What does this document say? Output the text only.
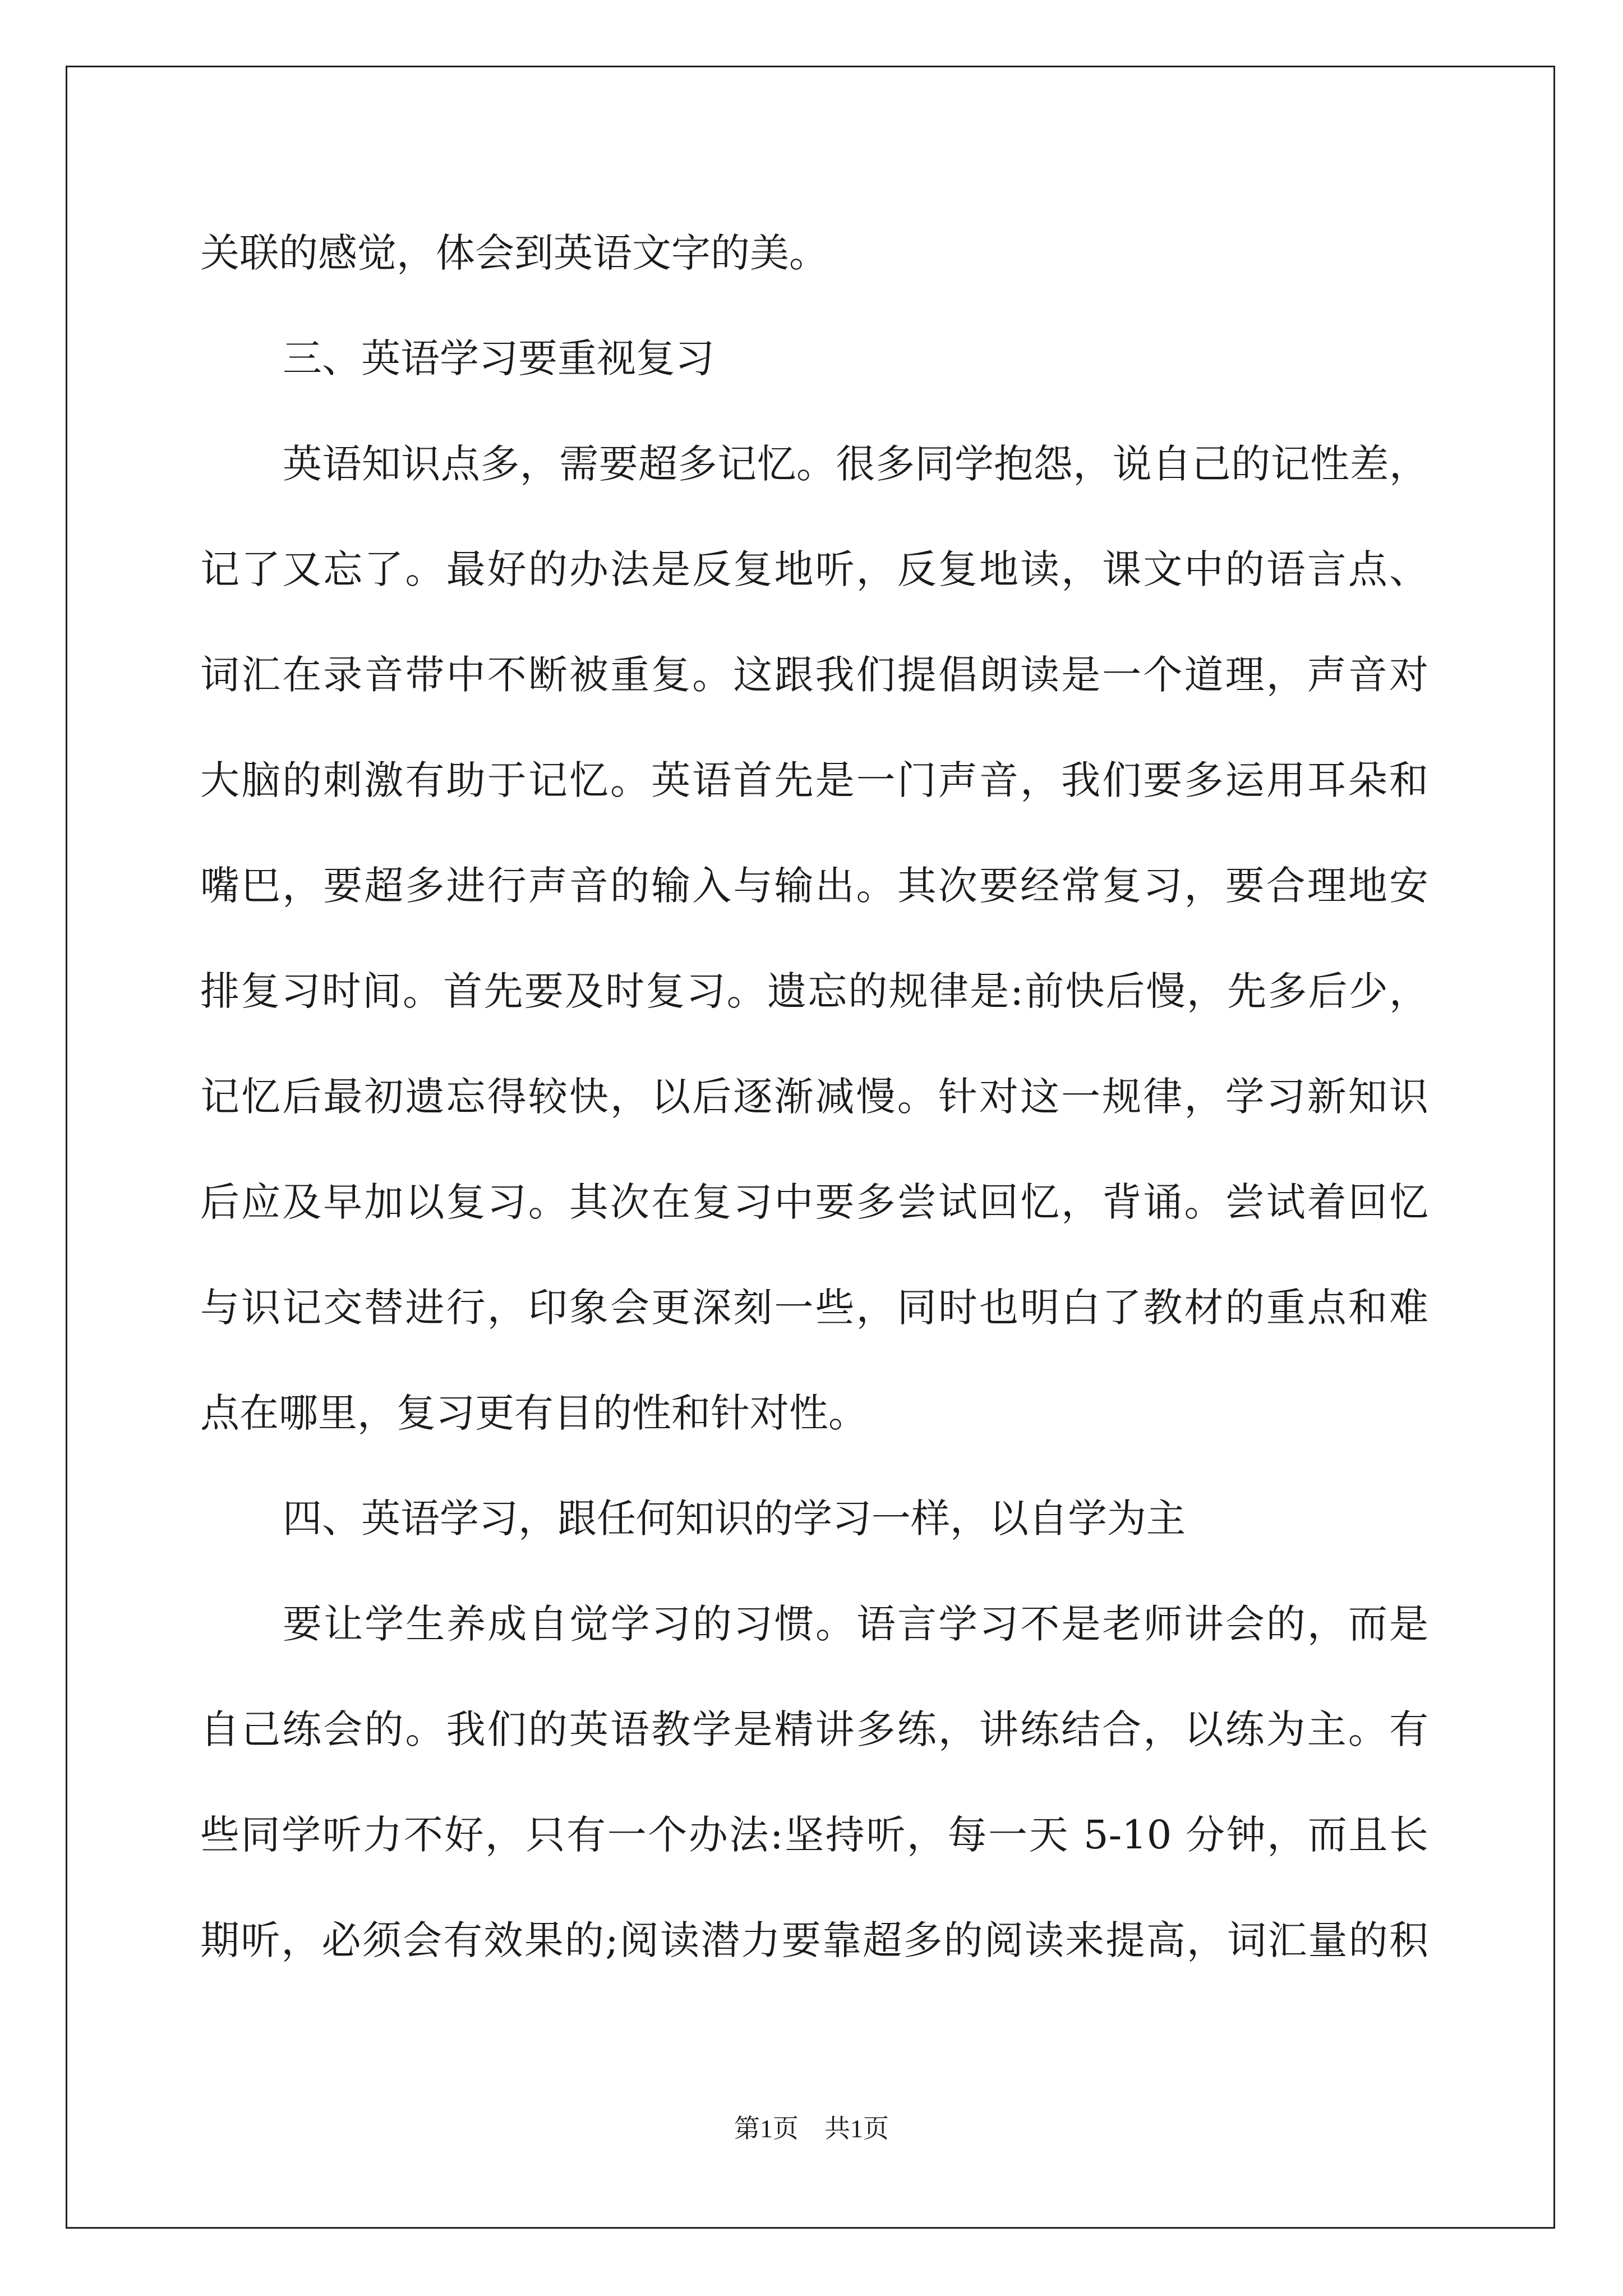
关联的感觉，体会到英语文字的美。
三、英语学习要重视复习
英语知识点多，需要超多记忆。很多同学抱怨，说自己的记性差，
记了又忘了。最好的办法是反复地听，反复地读，课文中的语言点、
词汇在录音带中不断被重复。这跟我们提倡朗读是一个道理，声音对
大脑的刺激有助于记忆。英语首先是一门声音，我们要多运用耳朵和
嘴巴，要超多进行声音的输入与输出。其次要经常复习，要合理地安
排复习时间。首先要及时复习。遗忘的规律是:前快后慢，先多后少，
记忆后最初遗忘得较快，以后逐渐减慢。针对这一规律，学习新知识
后应及早加以复习。其次在复习中要多尝试回忆，背诵。尝试着回忆
与识记交替进行，印象会更深刻一些，同时也明白了教材的重点和难
点在哪里，复习更有目的性和针对性。
四、英语学习，跟任何知识的学习一样，以自学为主
要让学生养成自觉学习的习惯。语言学习不是老师讲会的，而是
自己练会的。我们的英语教学是精讲多练，讲练结合，以练为主。有
些同学听力不好，只有一个办法:坚持听，每一天 5-10 分钟，而且长
期听，必须会有效果的;阅读潜力要靠超多的阅读来提高，词汇量的积
第1页　共1页
